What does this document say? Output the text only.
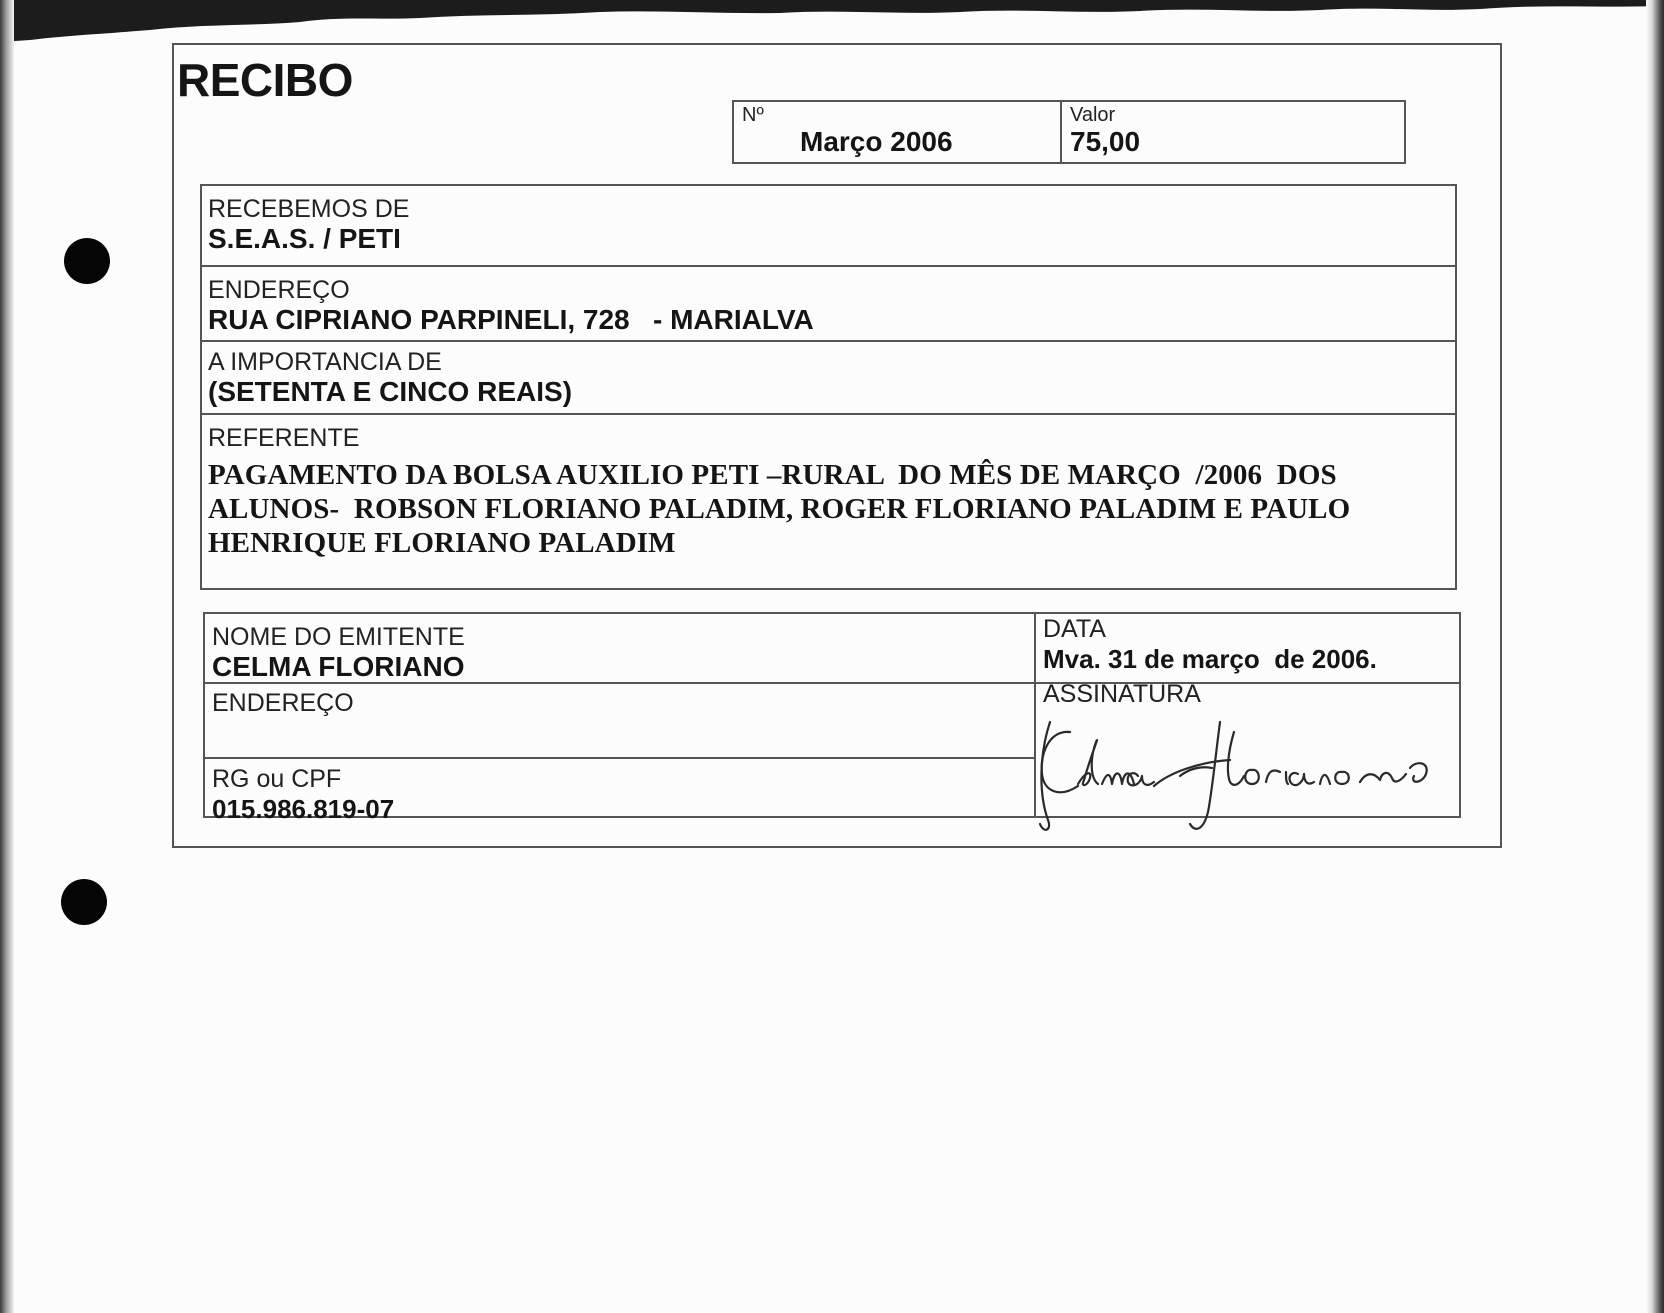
RECIBO
Nº
Março 2006
Valor
75,00
RECEBEMOS DE
S.E.A.S. / PETI
ENDEREÇO
RUA CIPRIANO PARPINELI, 728   - MARIALVA
A IMPORTANCIA DE
(SETENTA E CINCO REAIS)
REFERENTE
PAGAMENTO DA BOLSA AUXILIO PETI –RURAL  DO MÊS DE MARÇO  /2006  DOS ALUNOS-  ROBSON FLORIANO PALADIM, ROGER FLORIANO PALADIM E PAULO HENRIQUE FLORIANO PALADIM
NOME DO EMITENTE
CELMA FLORIANO
ENDEREÇO
RG ou CPF
015.986.819-07
DATA
Mva. 31 de março  de 2006.
ASSINATURA
